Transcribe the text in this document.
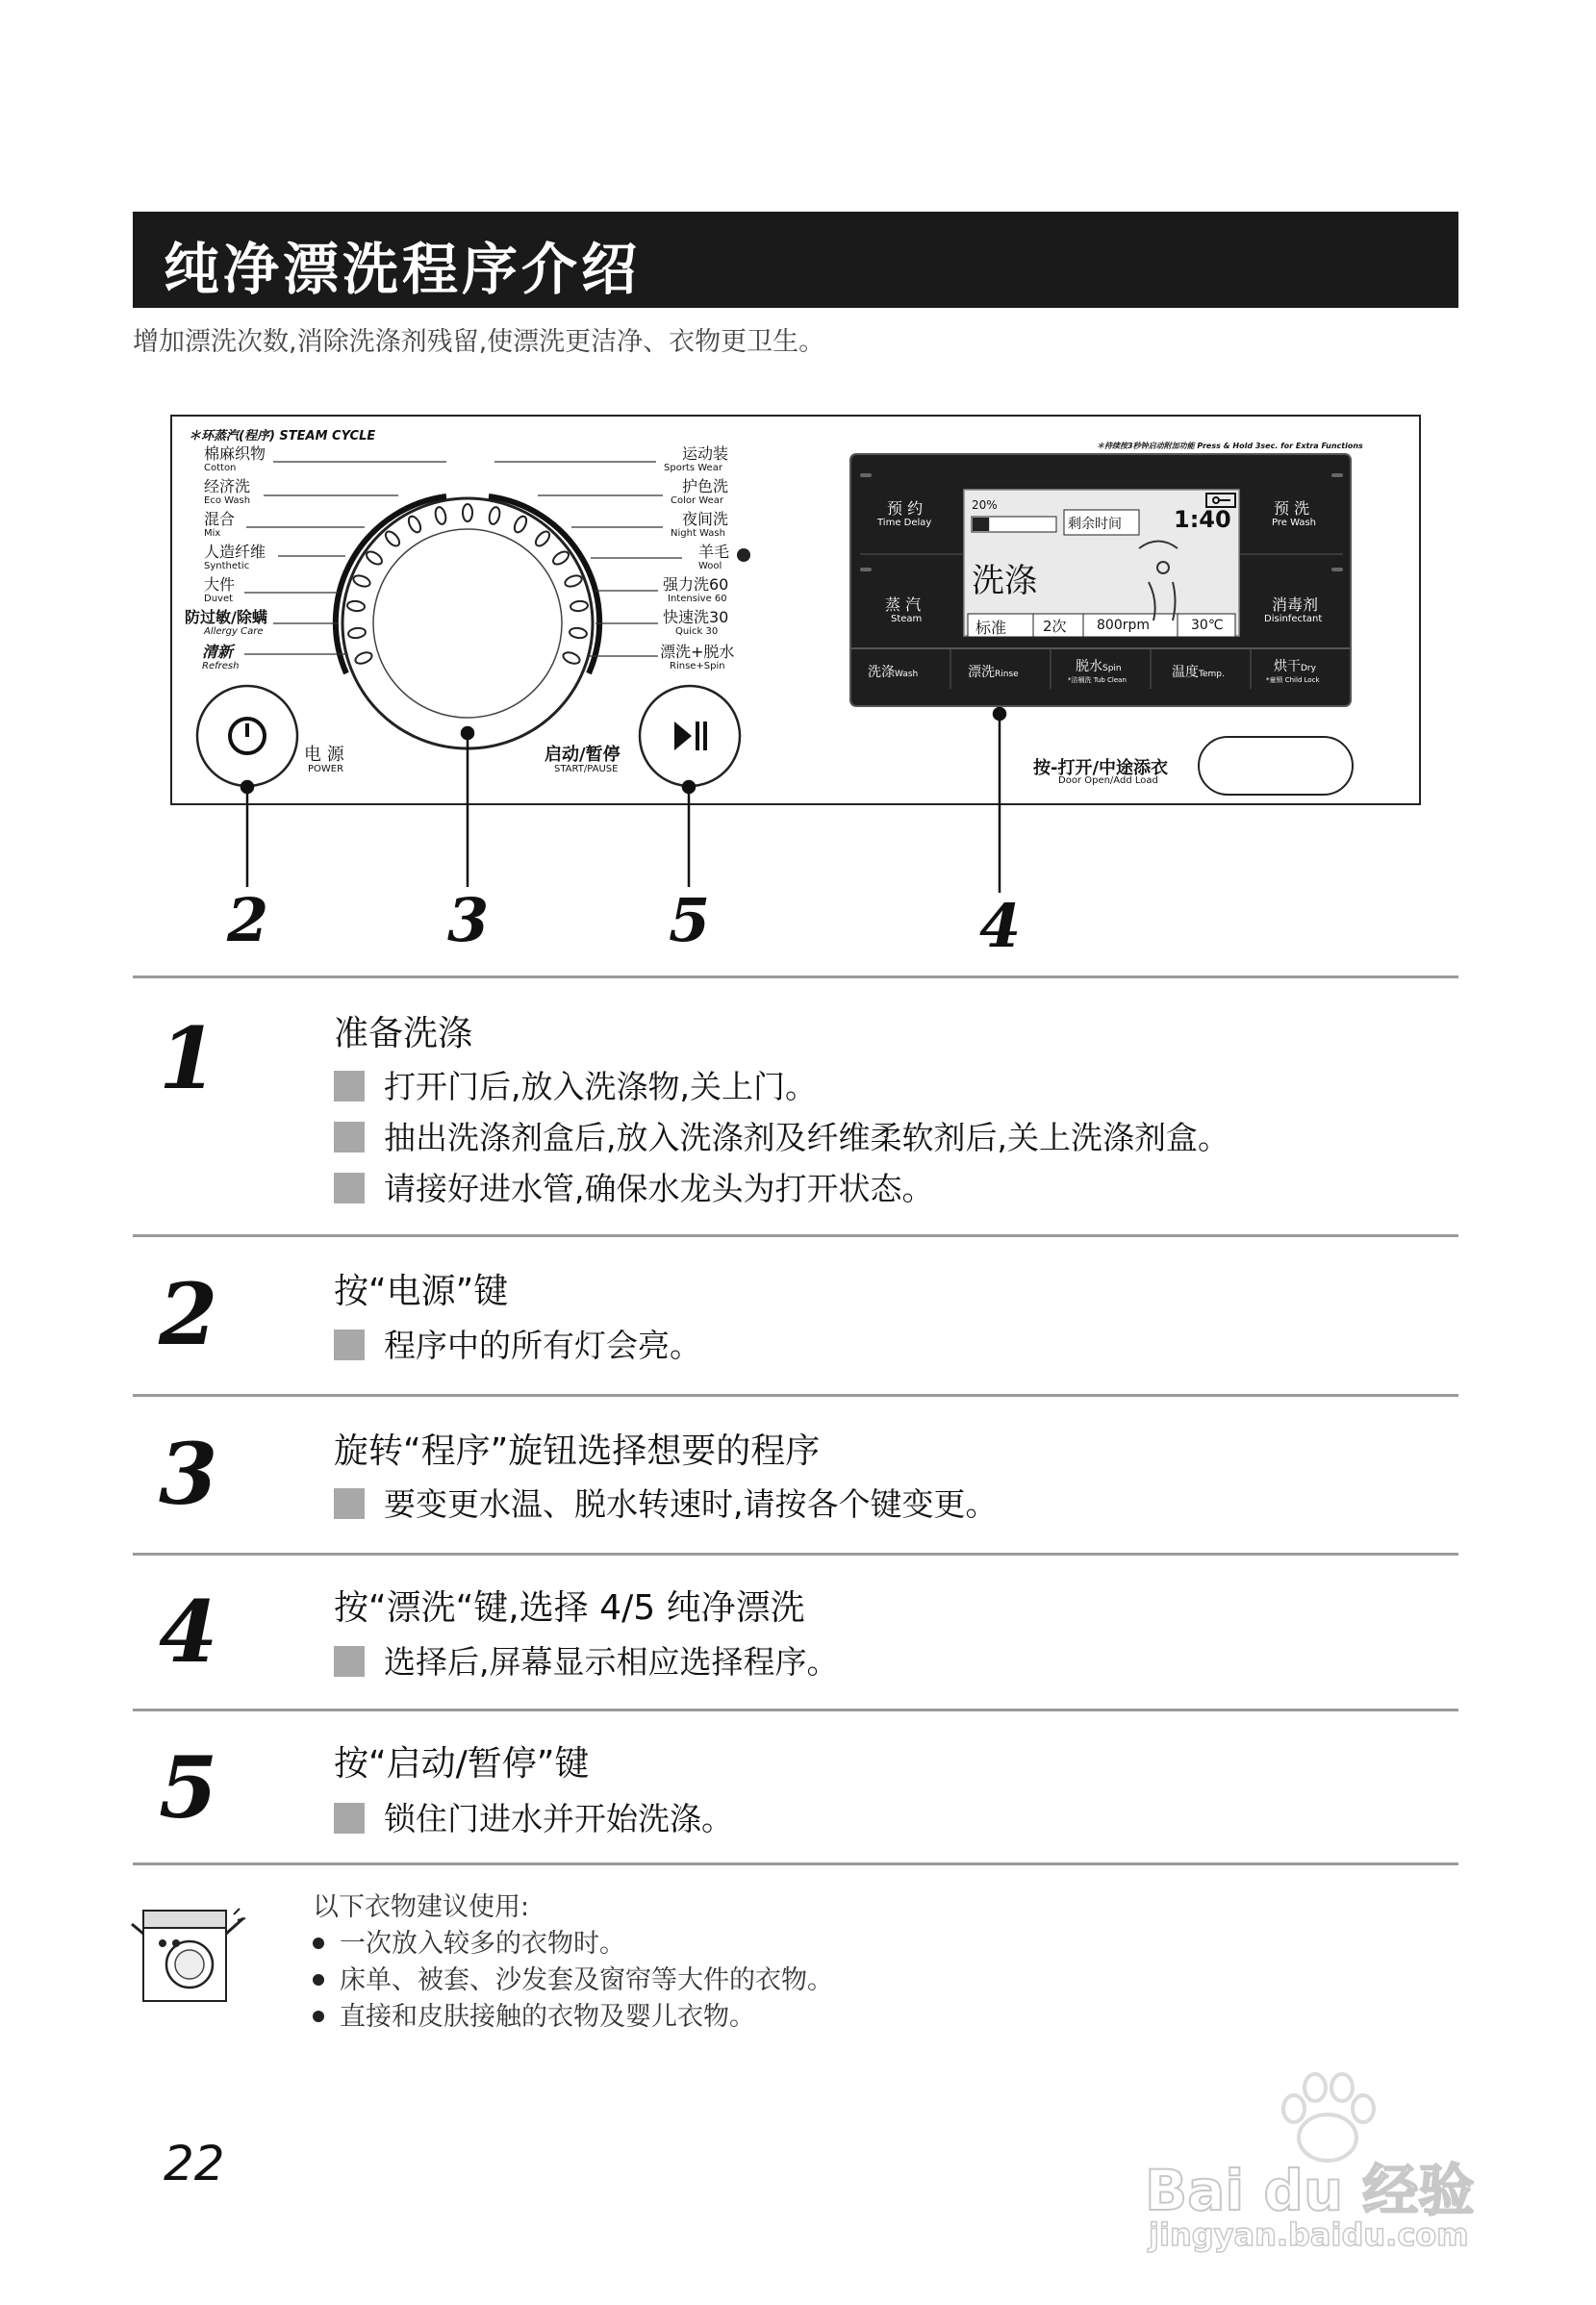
纯净漂洗程序介绍
增加漂洗次数,消除洗涤剂残留,使漂洗更洁净、衣物更卫生。
＊环蒸汽(程序) STEAM CYCLE
棉麻织物
Cotton
经济洗
Eco Wash
混合
Mix
人造纤维
Synthetic
大件
Duvet
防过敏/除螨
Allergy Care
清新
Refresh
运动装
Sports Wear
护色洗
Color Wear
夜间洗
Night Wash
羊毛
Wool
强力洗60
Intensive 60
快速洗30
Quick 30
漂洗+脱水
Rinse+Spin
电 源
POWER
启动/暂停
START/PAUSE	按-打开/中途添衣
Door Open/Add Load
＊持续按3秒钟启动附加功能 Press & Hold 3sec. for Extra Functions
预 约
Time Delay
预 洗
Pre Wash
蒸 汽
Steam
消毒剂
Disinfectant
20%
剩余时间 1:40
洗涤
标准	2次 800rpm	30℃
洗涤Wash	漂洗Rinse	脱水Spin
*洁桶洗 Tub Clean	温度Temp.	烘干Dry
*童锁 Child Lock
2	3	5	4
1	准备洗涤
打开门后,放入洗涤物,关上门。
抽出洗涤剂盒后,放入洗涤剂及纤维柔软剂后,关上洗涤剂盒。
请接好进水管,确保水龙头为打开状态。
2	按“电源”键
程序中的所有灯会亮。
3	旋转“程序”旋钮选择想要的程序
要变更水温、脱水转速时,请按各个键变更。
4	按“漂洗“键,选择 4/5 纯净漂洗
选择后,屏幕显示相应选择程序。
5	按“启动/暂停”键
锁住门进水并开始洗涤。
以下衣物建议使用:
一次放入较多的衣物时。
床单、被套、沙发套及窗帘等大件的衣物。
直接和皮肤接触的衣物及婴儿衣物。
22	Bai du 经验
jingyan.baidu.com
